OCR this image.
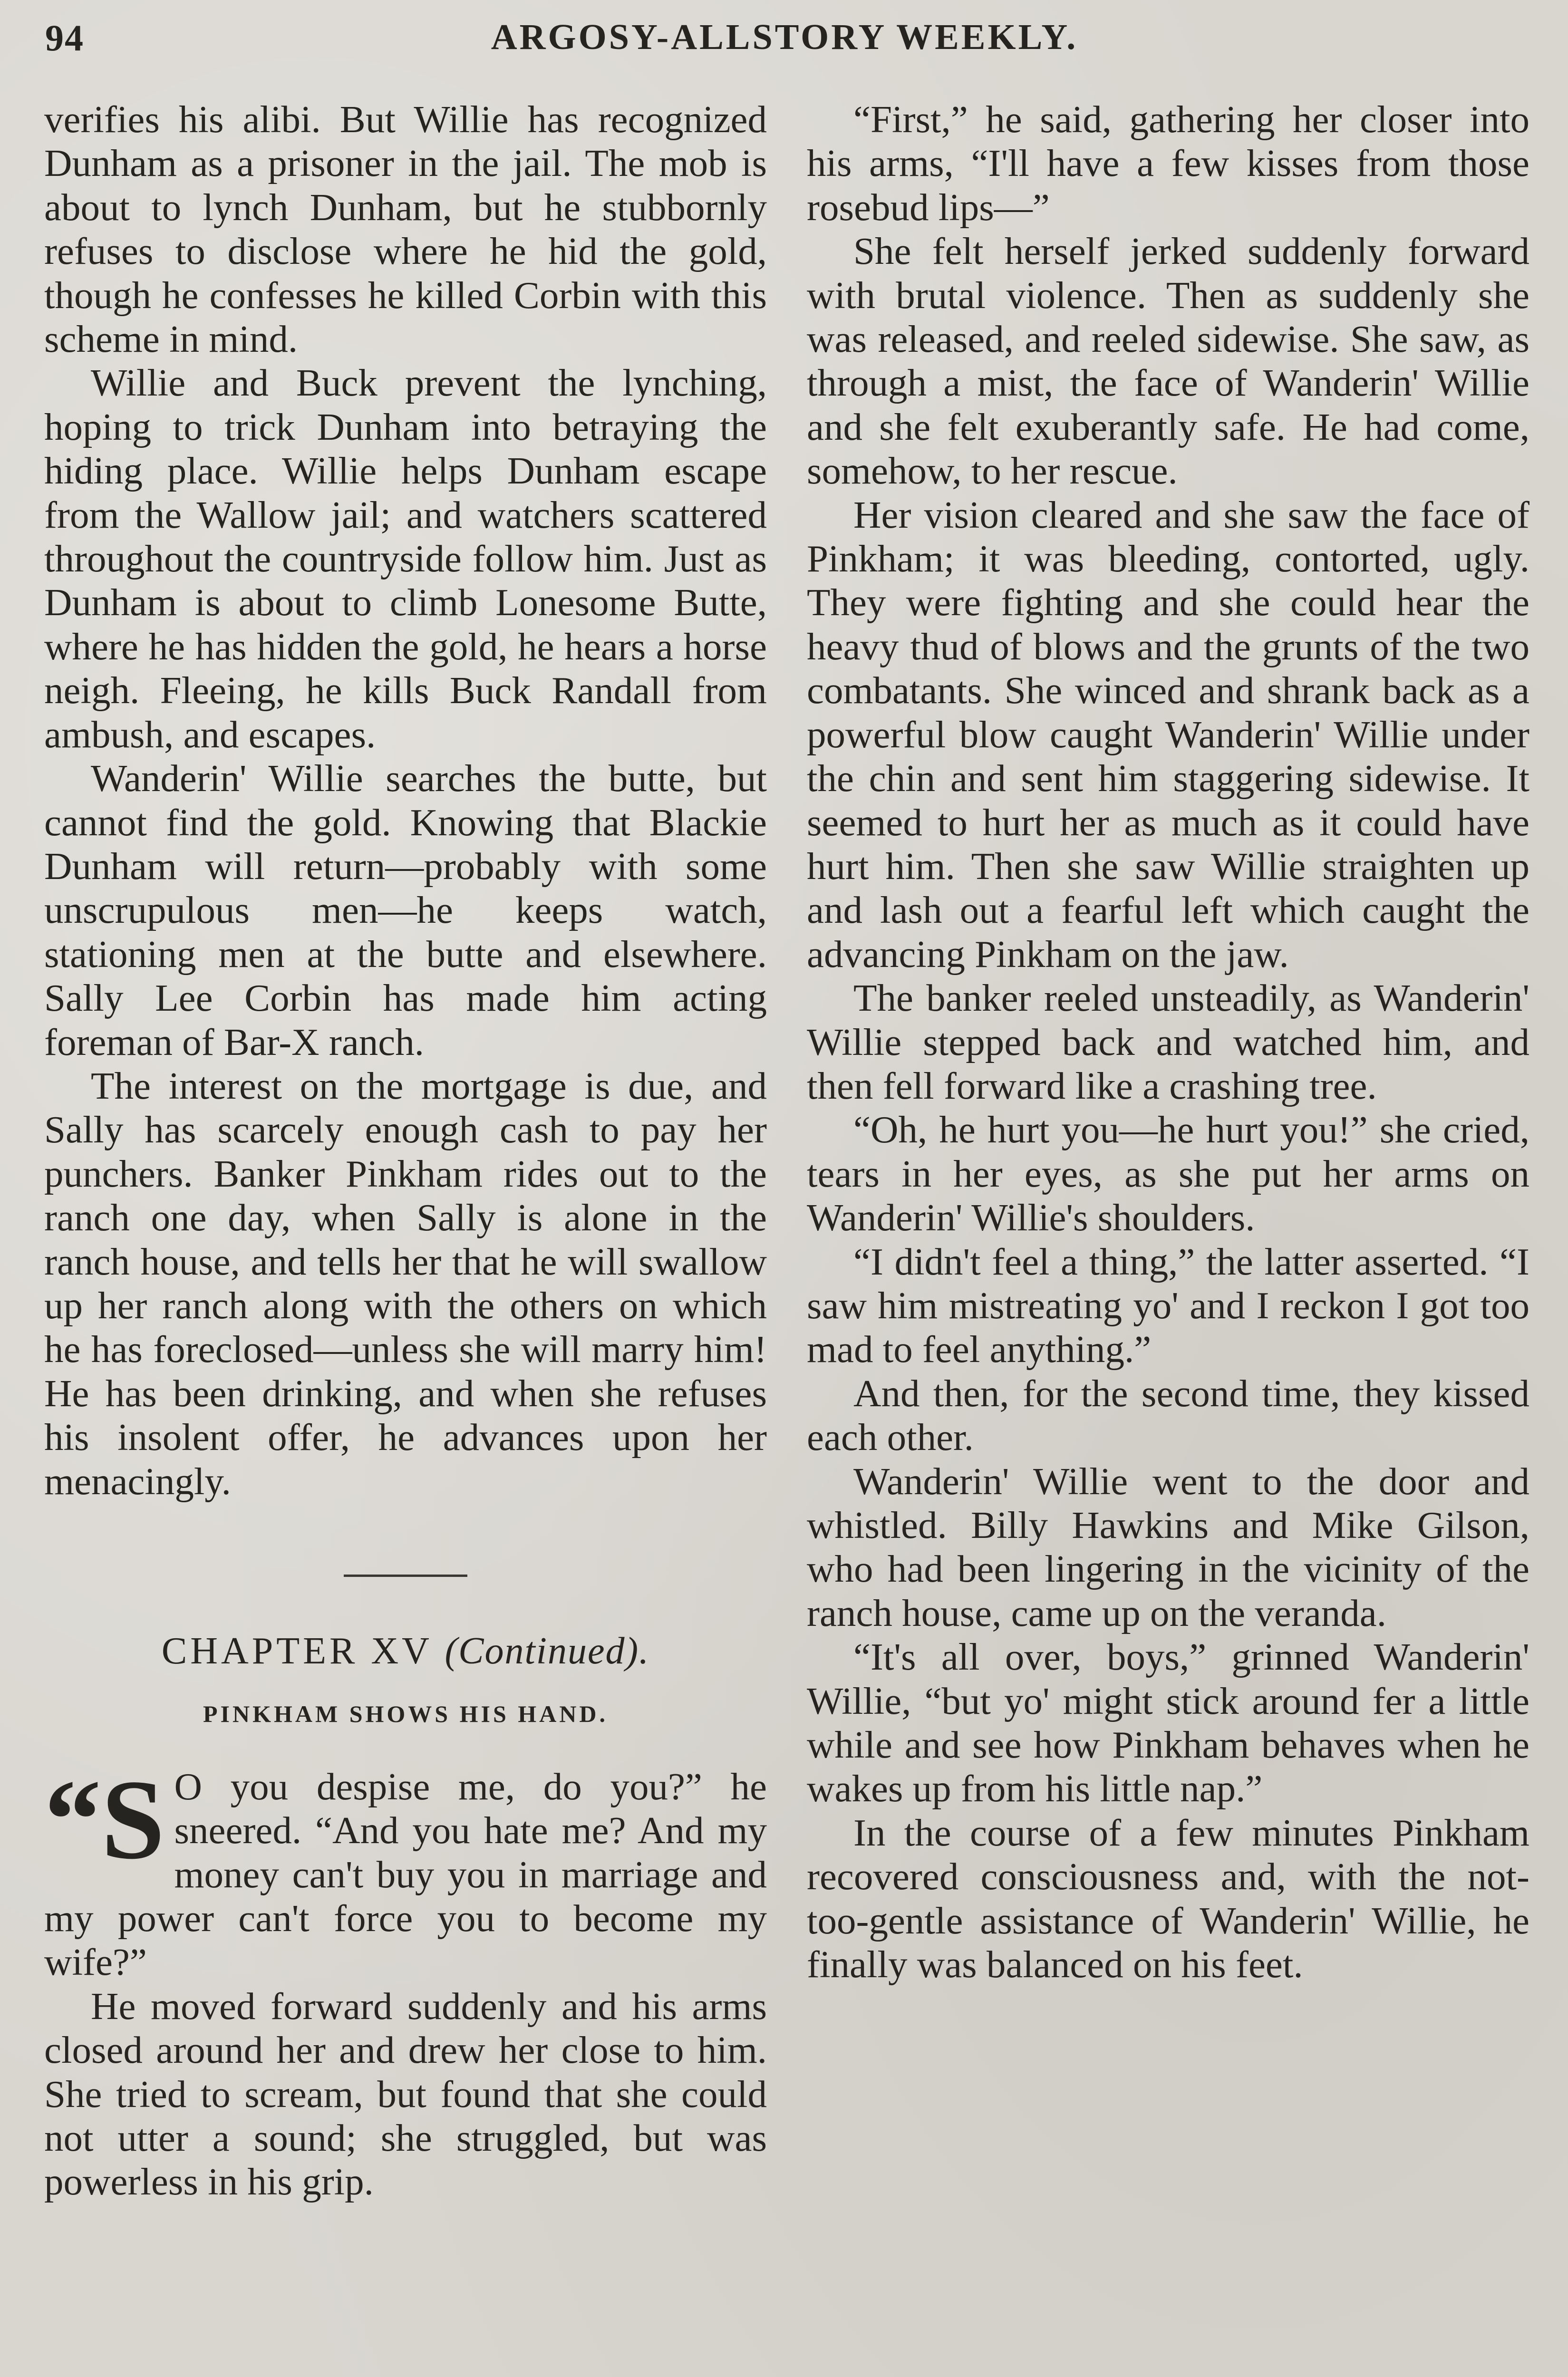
94	ARGOSY-ALLSTORY WEEKLY.

verifies his alibi. But Willie has recognized Dunham as a prisoner in the jail. The mob is about to lynch Dunham, but he stubbornly refuses to disclose where he hid the gold, though he confesses he killed Corbin with this scheme in mind.

Willie and Buck prevent the lynching, hoping to trick Dunham into betraying the hiding place. Willie helps Dunham escape from the Wallow jail; and watchers scattered throughout the countryside follow him. Just as Dunham is about to climb Lonesome Butte, where he has hidden the gold, he hears a horse neigh. Fleeing, he kills Buck Randall from ambush, and escapes.

Wanderin' Willie searches the butte, but cannot find the gold. Knowing that Blackie Dunham will return—probably with some unscrupulous men—he keeps watch, stationing men at the butte and elsewhere. Sally Lee Corbin has made him acting foreman of Bar-X ranch.

The interest on the mortgage is due, and Sally has scarcely enough cash to pay her punchers. Banker Pinkham rides out to the ranch one day, when Sally is alone in the ranch house, and tells her that he will swallow up her ranch along with the others on which he has foreclosed—unless she will marry him! He has been drinking, and when she refuses his insolent offer, he advances upon her menacingly.

CHAPTER XV (Continued).
PINKHAM SHOWS HIS HAND.

“S O you despise me, do you?” he sneered. “And you hate me? And my money can't buy you in marriage and my power can't force you to become my wife?”

He moved forward suddenly and his arms closed around her and drew her close to him. She tried to scream, but found that she could not utter a sound; she struggled, but was powerless in his grip.

“First,” he said, gathering her closer into his arms, “I'll have a few kisses from those rosebud lips—”

She felt herself jerked suddenly forward with brutal violence. Then as suddenly she was released, and reeled sidewise. She saw, as through a mist, the face of Wanderin' Willie and she felt exuberantly safe. He had come, somehow, to her rescue.

Her vision cleared and she saw the face of Pinkham; it was bleeding, contorted, ugly. They were fighting and she could hear the heavy thud of blows and the grunts of the two combatants. She winced and shrank back as a powerful blow caught Wanderin' Willie under the chin and sent him staggering sidewise. It seemed to hurt her as much as it could have hurt him. Then she saw Willie straighten up and lash out a fearful left which caught the advancing Pinkham on the jaw.

The banker reeled unsteadily, as Wanderin' Willie stepped back and watched him, and then fell forward like a crashing tree.

“Oh, he hurt you—he hurt you!” she cried, tears in her eyes, as she put her arms on Wanderin' Willie's shoulders.

“I didn't feel a thing,” the latter asserted. “I saw him mistreating yo' and I reckon I got too mad to feel anything.”

And then, for the second time, they kissed each other.

Wanderin' Willie went to the door and whistled. Billy Hawkins and Mike Gilson, who had been lingering in the vicinity of the ranch house, came up on the veranda.

“It's all over, boys,” grinned Wanderin' Willie, “but yo' might stick around fer a little while and see how Pinkham behaves when he wakes up from his little nap.”

In the course of a few minutes Pinkham recovered consciousness and, with the not-too-gentle assistance of Wanderin' Willie, he finally was balanced on his feet.
